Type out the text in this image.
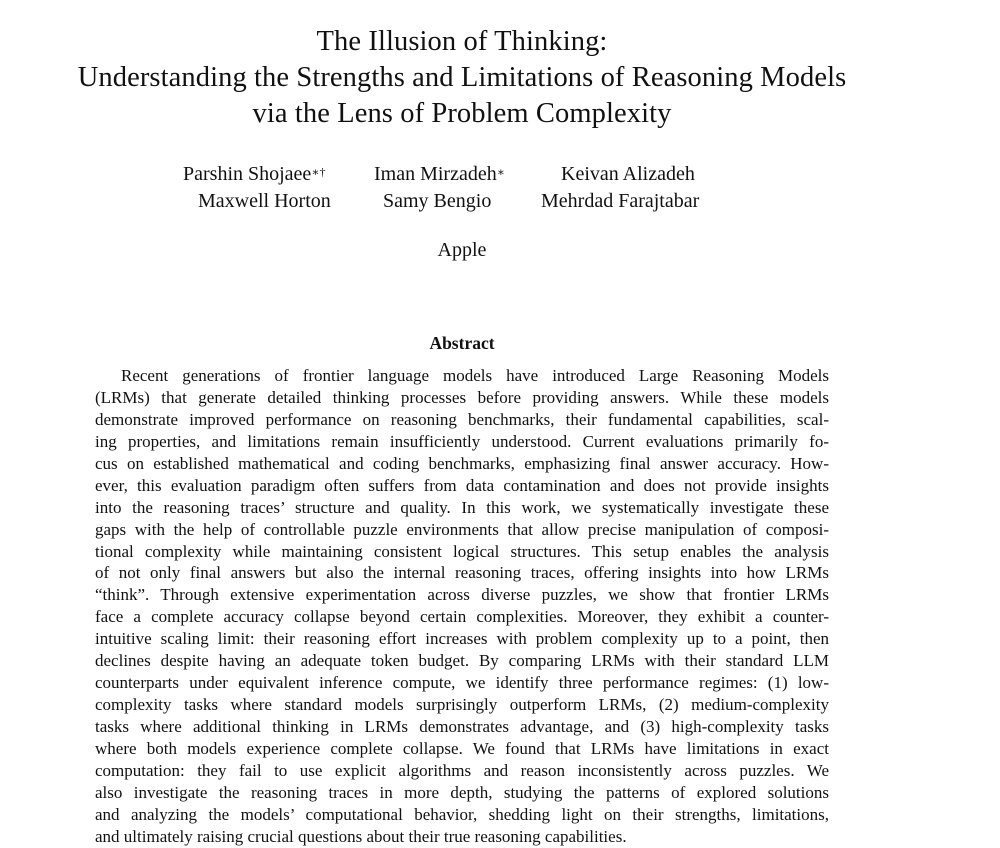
The Illusion of Thinking:
Understanding the Strengths and Limitations of Reasoning Models
via the Lens of Problem Complexity
Parshin Shojaee∗† Iman Mirzadeh∗	Keivan Alizadeh
Maxwell Horton	Samy Bengio Mehrdad Farajtabar
Apple
Abstract
Recent generations of frontier language models have introduced Large Reasoning Models
(LRMs) that generate detailed thinking processes before providing answers. While these models
demonstrate improved performance on reasoning benchmarks, their fundamental capabilities, scal-
ing properties, and limitations remain insufficiently understood. Current evaluations primarily fo-
cus on established mathematical and coding benchmarks, emphasizing final answer accuracy. How-
ever, this evaluation paradigm often suffers from data contamination and does not provide insights
into the reasoning traces’ structure and quality. In this work, we systematically investigate these
gaps with the help of controllable puzzle environments that allow precise manipulation of composi-
tional complexity while maintaining consistent logical structures. This setup enables the analysis
of not only final answers but also the internal reasoning traces, offering insights into how LRMs
“think”. Through extensive experimentation across diverse puzzles, we show that frontier LRMs
face a complete accuracy collapse beyond certain complexities. Moreover, they exhibit a counter-
intuitive scaling limit: their reasoning effort increases with problem complexity up to a point, then
declines despite having an adequate token budget. By comparing LRMs with their standard LLM
counterparts under equivalent inference compute, we identify three performance regimes: (1) low-
complexity tasks where standard models surprisingly outperform LRMs, (2) medium-complexity
tasks where additional thinking in LRMs demonstrates advantage, and (3) high-complexity tasks
where both models experience complete collapse. We found that LRMs have limitations in exact
computation: they fail to use explicit algorithms and reason inconsistently across puzzles. We
also investigate the reasoning traces in more depth, studying the patterns of explored solutions
and analyzing the models’ computational behavior, shedding light on their strengths, limitations,
and ultimately raising crucial questions about their true reasoning capabilities.
